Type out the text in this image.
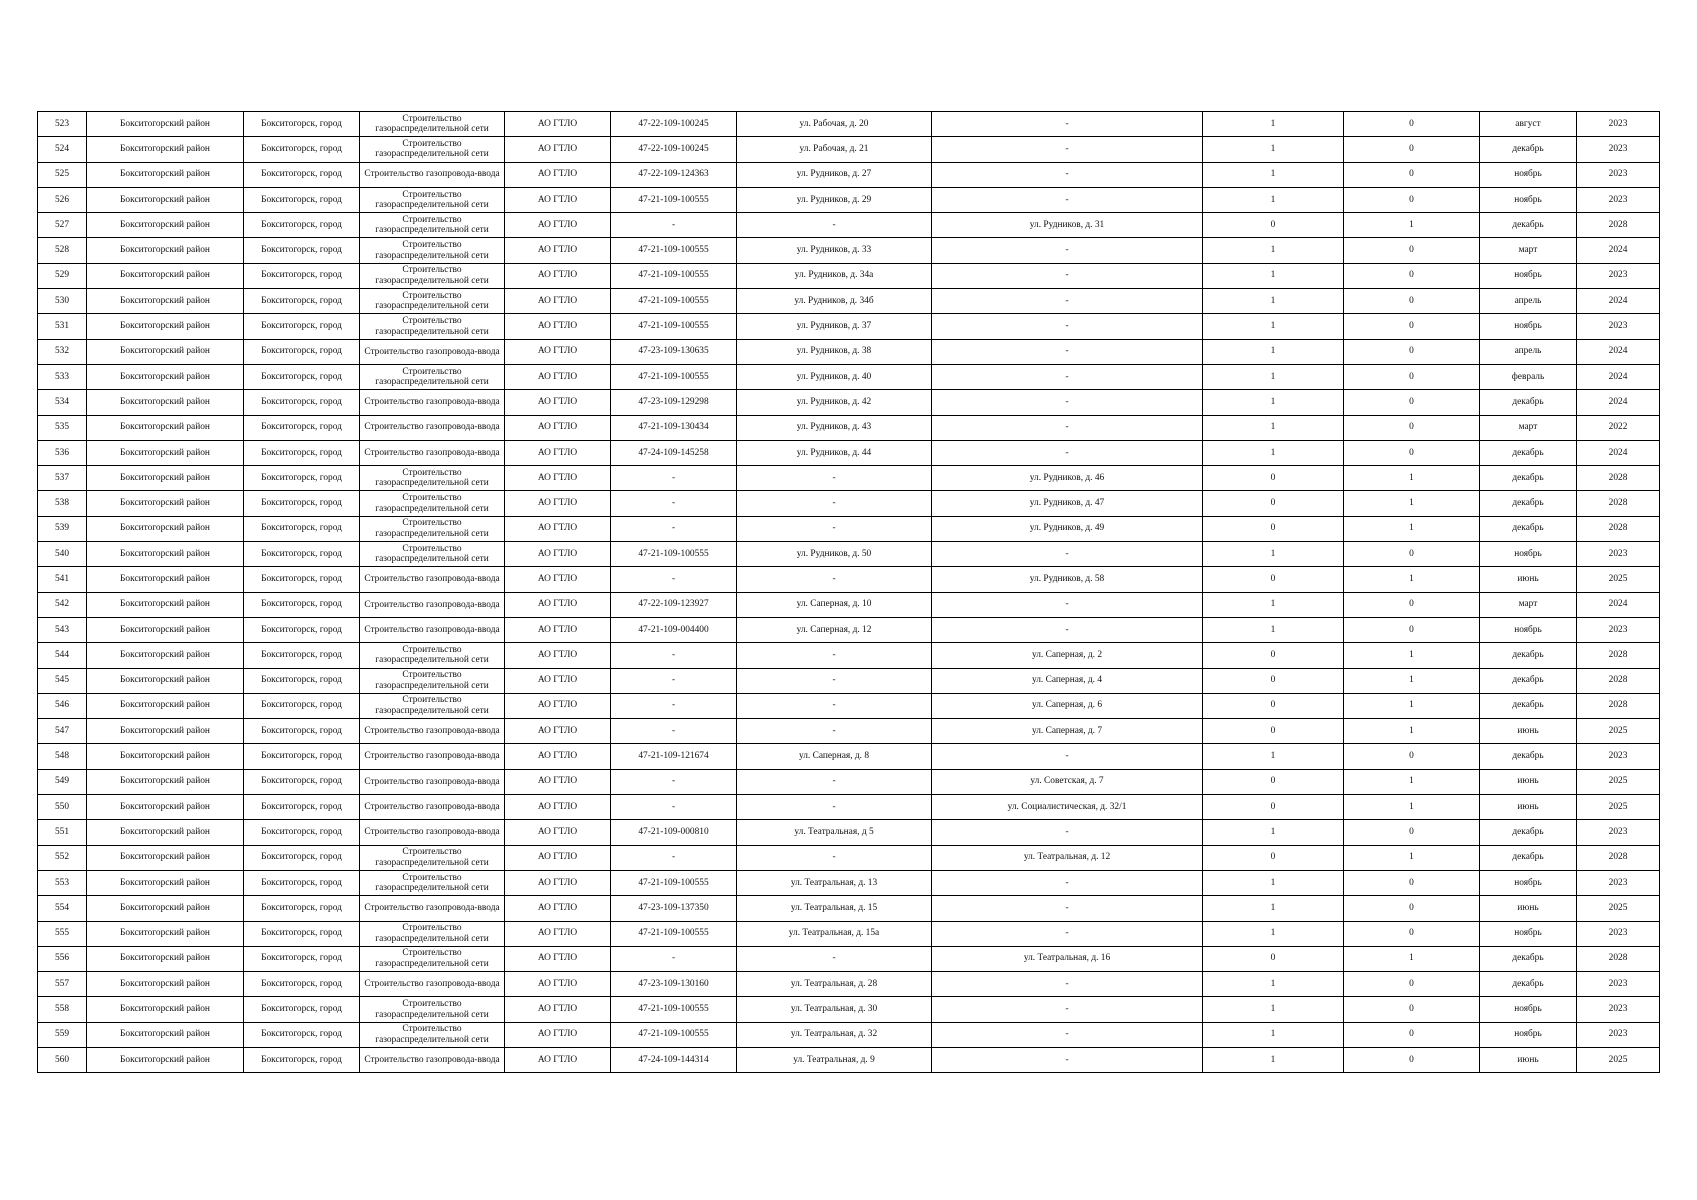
523	Бокситогорский район	Бокситогорск, город	Строительство газораспределительной сети	АО ГТЛО	47-22-109-100245	ул. Рабочая, д. 20	-	1	0	август	2023
524	Бокситогорский район	Бокситогорск, город	Строительство газораспределительной сети	АО ГТЛО	47-22-109-100245	ул. Рабочая, д. 21	-	1	0	декабрь	2023
525	Бокситогорский район	Бокситогорск, город	Строительство газопровода-ввода	АО ГТЛО	47-22-109-124363	ул. Рудников, д. 27	-	1	0	ноябрь	2023
526	Бокситогорский район	Бокситогорск, город	Строительство газораспределительной сети	АО ГТЛО	47-21-109-100555	ул. Рудников, д. 29	-	1	0	ноябрь	2023
527	Бокситогорский район	Бокситогорск, город	Строительство газораспределительной сети	АО ГТЛО	-	-	ул. Рудников, д. 31	0	1	декабрь	2028
528	Бокситогорский район	Бокситогорск, город	Строительство газораспределительной сети	АО ГТЛО	47-21-109-100555	ул. Рудников, д. 33	-	1	0	март	2024
529	Бокситогорский район	Бокситогорск, город	Строительство газораспределительной сети	АО ГТЛО	47-21-109-100555	ул. Рудников, д. 34а	-	1	0	ноябрь	2023
530	Бокситогорский район	Бокситогорск, город	Строительство газораспределительной сети	АО ГТЛО	47-21-109-100555	ул. Рудников, д. 34б	-	1	0	апрель	2024
531	Бокситогорский район	Бокситогорск, город	Строительство газораспределительной сети	АО ГТЛО	47-21-109-100555	ул. Рудников, д. 37	-	1	0	ноябрь	2023
532	Бокситогорский район	Бокситогорск, город	Строительство газопровода-ввода	АО ГТЛО	47-23-109-130635	ул. Рудников, д. 38	-	1	0	апрель	2024
533	Бокситогорский район	Бокситогорск, город	Строительство газораспределительной сети	АО ГТЛО	47-21-109-100555	ул. Рудников, д. 40	-	1	0	февраль	2024
534	Бокситогорский район	Бокситогорск, город	Строительство газопровода-ввода	АО ГТЛО	47-23-109-129298	ул. Рудников, д. 42	-	1	0	декабрь	2024
535	Бокситогорский район	Бокситогорск, город	Строительство газопровода-ввода	АО ГТЛО	47-21-109-130434	ул. Рудников, д. 43	-	1	0	март	2022
536	Бокситогорский район	Бокситогорск, город	Строительство газопровода-ввода	АО ГТЛО	47-24-109-145258	ул. Рудников, д. 44	-	1	0	декабрь	2024
537	Бокситогорский район	Бокситогорск, город	Строительство газораспределительной сети	АО ГТЛО	-	-	ул. Рудников, д. 46	0	1	декабрь	2028
538	Бокситогорский район	Бокситогорск, город	Строительство газораспределительной сети	АО ГТЛО	-	-	ул. Рудников, д. 47	0	1	декабрь	2028
539	Бокситогорский район	Бокситогорск, город	Строительство газораспределительной сети	АО ГТЛО	-	-	ул. Рудников, д. 49	0	1	декабрь	2028
540	Бокситогорский район	Бокситогорск, город	Строительство газораспределительной сети	АО ГТЛО	47-21-109-100555	ул. Рудников, д. 50	-	1	0	ноябрь	2023
541	Бокситогорский район	Бокситогорск, город	Строительство газопровода-ввода	АО ГТЛО	-	-	ул. Рудников, д. 58	0	1	июнь	2025
542	Бокситогорский район	Бокситогорск, город	Строительство газопровода-ввода	АО ГТЛО	47-22-109-123927	ул. Саперная, д. 10	-	1	0	март	2024
543	Бокситогорский район	Бокситогорск, город	Строительство газопровода-ввода	АО ГТЛО	47-21-109-004400	ул. Саперная, д. 12	-	1	0	ноябрь	2023
544	Бокситогорский район	Бокситогорск, город	Строительство газораспределительной сети	АО ГТЛО	-	-	ул. Саперная, д. 2	0	1	декабрь	2028
545	Бокситогорский район	Бокситогорск, город	Строительство газораспределительной сети	АО ГТЛО	-	-	ул. Саперная, д. 4	0	1	декабрь	2028
546	Бокситогорский район	Бокситогорск, город	Строительство газораспределительной сети	АО ГТЛО	-	-	ул. Саперная, д. 6	0	1	декабрь	2028
547	Бокситогорский район	Бокситогорск, город	Строительство газопровода-ввода	АО ГТЛО	-	-	ул. Саперная, д. 7	0	1	июнь	2025
548	Бокситогорский район	Бокситогорск, город	Строительство газопровода-ввода	АО ГТЛО	47-21-109-121674	ул. Саперная, д. 8	-	1	0	декабрь	2023
549	Бокситогорский район	Бокситогорск, город	Строительство газопровода-ввода	АО ГТЛО	-	-	ул. Советская, д. 7	0	1	июнь	2025
550	Бокситогорский район	Бокситогорск, город	Строительство газопровода-ввода	АО ГТЛО	-	-	ул. Социалистическая, д. 32/1	0	1	июнь	2025
551	Бокситогорский район	Бокситогорск, город	Строительство газопровода-ввода	АО ГТЛО	47-21-109-000810	ул. Театральная, д 5	-	1	0	декабрь	2023
552	Бокситогорский район	Бокситогорск, город	Строительство газораспределительной сети	АО ГТЛО	-	-	ул. Театральная, д. 12	0	1	декабрь	2028
553	Бокситогорский район	Бокситогорск, город	Строительство газораспределительной сети	АО ГТЛО	47-21-109-100555	ул. Театральная, д. 13	-	1	0	ноябрь	2023
554	Бокситогорский район	Бокситогорск, город	Строительство газопровода-ввода	АО ГТЛО	47-23-109-137350	ул. Театральная, д. 15	-	1	0	июнь	2025
555	Бокситогорский район	Бокситогорск, город	Строительство газораспределительной сети	АО ГТЛО	47-21-109-100555	ул. Театральная, д. 15а	-	1	0	ноябрь	2023
556	Бокситогорский район	Бокситогорск, город	Строительство газораспределительной сети	АО ГТЛО	-	-	ул. Театральная, д. 16	0	1	декабрь	2028
557	Бокситогорский район	Бокситогорск, город	Строительство газопровода-ввода	АО ГТЛО	47-23-109-130160	ул. Театральная, д. 28	-	1	0	декабрь	2023
558	Бокситогорский район	Бокситогорск, город	Строительство газораспределительной сети	АО ГТЛО	47-21-109-100555	ул. Театральная, д. 30	-	1	0	ноябрь	2023
559	Бокситогорский район	Бокситогорск, город	Строительство газораспределительной сети	АО ГТЛО	47-21-109-100555	ул. Театральная, д. 32	-	1	0	ноябрь	2023
560	Бокситогорский район	Бокситогорск, город	Строительство газопровода-ввода	АО ГТЛО	47-24-109-144314	ул. Театральная, д. 9	-	1	0	июнь	2025
